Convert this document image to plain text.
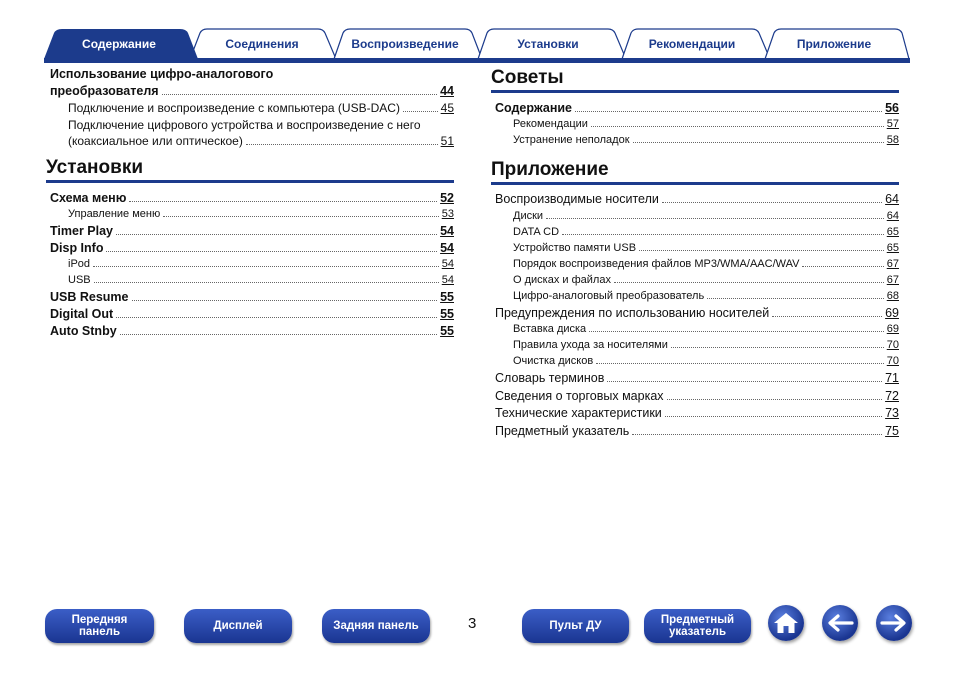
Содержание	Соединения	Воспроизведение	Установки	Рекомендации	Приложение
Использование цифро-аналогового
преобразователя	44
Подключение и воспроизведение с компьютера (USB-DAC)	45
Подключение цифрового устройства и воспроизведение с него
(коаксиальное или оптическое)	51
Установки
Схема меню	52
Управление меню	53
Timer Play	54
Disp Info	54
iPod	54
USB	54
USB Resume	55
Digital Out	55
Auto Stnby	55
Советы
Содержание	56
Рекомендации	57
Устранение неполадок	58
Приложение
Воспроизводимые носители	64
Диски	64
DATA CD	65
Устройство памяти USB	65
Порядок воспроизведения файлов MP3/WMA/AAC/WAV	67
О дисках и файлах	67
Цифро-аналоговый преобразователь	68
Предупреждения по использованию носителей	69
Вставка диска	69
Правила ухода за носителями	70
Очистка дисков	70
Словарь терминов	71
Сведения о торговых марках	72
Технические характеристики	73
Предметный указатель	75
Передняя
панель	Дисплей	Задняя панель	3	Пульт ДУ	Предметный
указатель
